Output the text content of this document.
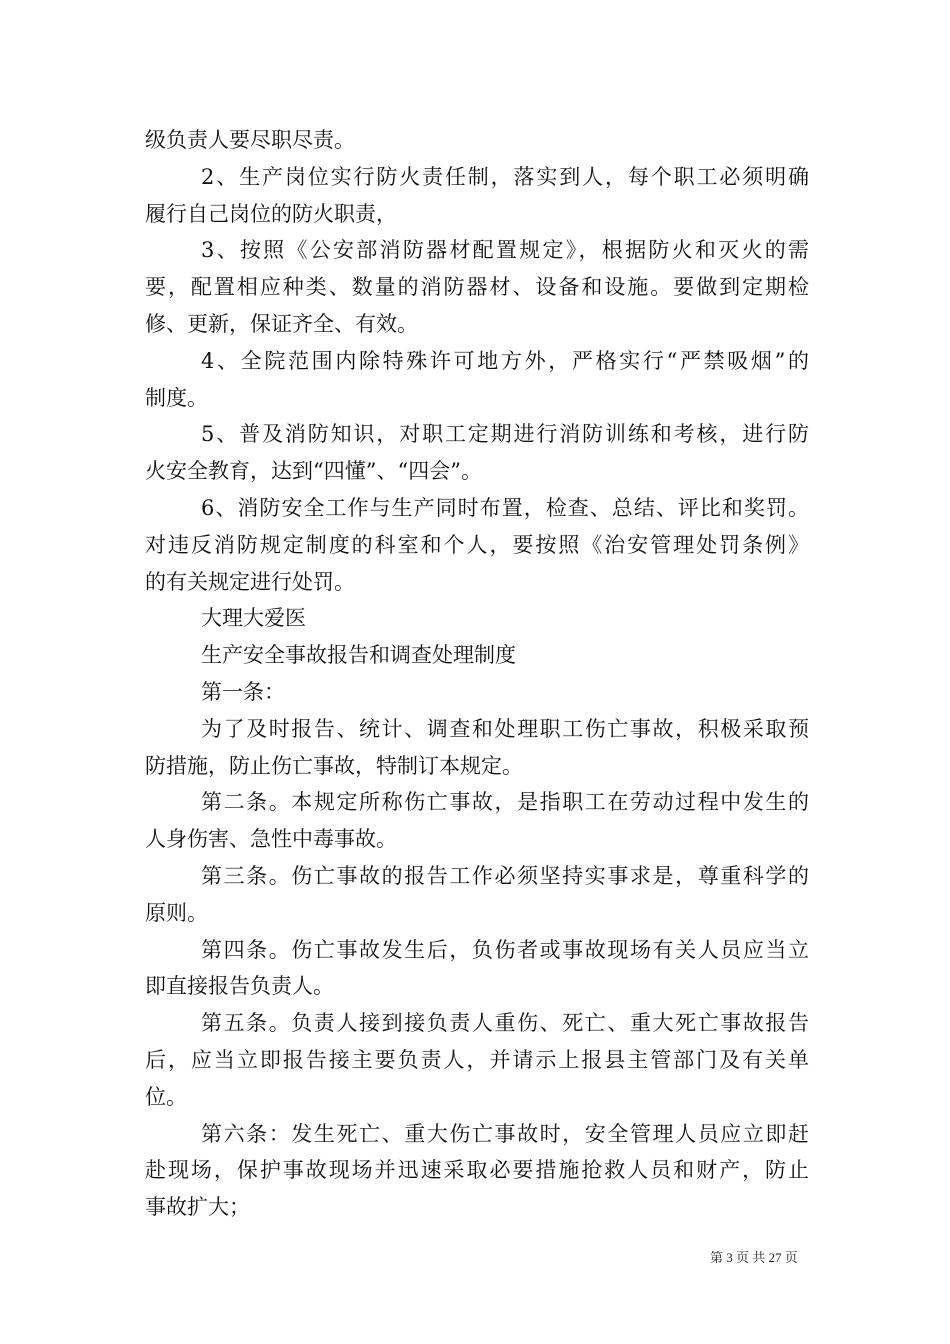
级负责人要尽职尽责。
2、生产岗位实行防火责任制，落实到人，每个职工必须明确
履行自己岗位的防火职责，
3、按照《公安部消防器材配置规定》，根据防火和灭火的需
要，配置相应种类、数量的消防器材、设备和设施。要做到定期检
修、更新，保证齐全、有效。
4、全院范围内除特殊许可地方外，严格实行“严禁吸烟”的
制度。
5、普及消防知识，对职工定期进行消防训练和考核，进行防
火安全教育，达到“四懂”、“四会”。
6、消防安全工作与生产同时布置，检查、总结、评比和奖罚。
对违反消防规定制度的科室和个人，要按照《治安管理处罚条例》
的有关规定进行处罚。
大理大爱医
生产安全事故报告和调查处理制度
第一条：
为了及时报告、统计、调查和处理职工伤亡事故，积极采取预
防措施，防止伤亡事故，特制订本规定。
第二条。本规定所称伤亡事故，是指职工在劳动过程中发生的
人身伤害、急性中毒事故。
第三条。伤亡事故的报告工作必须坚持实事求是，尊重科学的
原则。
第四条。伤亡事故发生后，负伤者或事故现场有关人员应当立
即直接报告负责人。
第五条。负责人接到接负责人重伤、死亡、重大死亡事故报告
后，应当立即报告接主要负责人，并请示上报县主管部门及有关单
位。
第六条：发生死亡、重大伤亡事故时，安全管理人员应立即赶
赴现场，保护事故现场并迅速采取必要措施抢救人员和财产，防止
事故扩大；
第 3 页 共 27 页
